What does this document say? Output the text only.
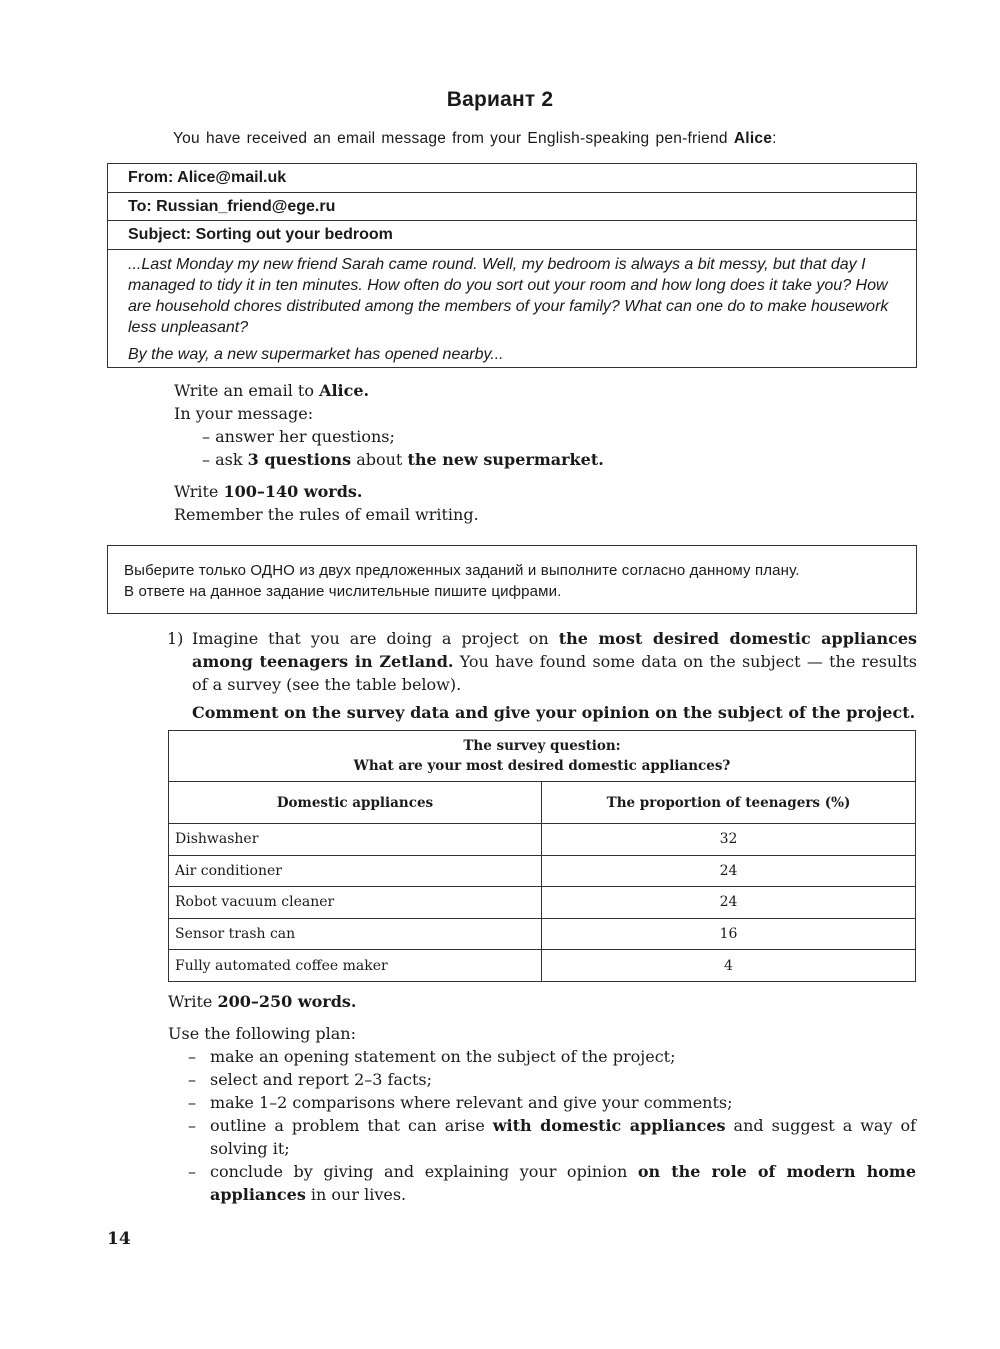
Вариант 2
You have received an email message from your English-speaking pen-friend Alice:
From: Alice@mail.uk
To: Russian_friend@ege.ru
Subject: Sorting out your bedroom

...Last Monday my new friend Sarah came round. Well, my bedroom is always a bit messy, but that day I managed to tidy it in ten minutes. How often do you sort out your room and how long does it take you? How are household chores distributed among the members of your family? What can one do to make housework less unpleasant?

By the way, a new supermarket has opened nearby...

Write an email to Alice.
In your message:
– answer her questions;
– ask 3 questions about the new supermarket.
Write 100–140 words.
Remember the rules of email writing.
Выберите только ОДНО из двух предложенных заданий и выполните согласно данному плану.
В ответе на данное задание числительные пишите цифрами.
1) Imagine that you are doing a project on the most desired domestic appliances among teenagers in Zetland. You have found some data on the subject — the results of a survey (see the table below).
Comment on the survey data and give your opinion on the subject of the project.
The survey question:
What are your most desired domestic appliances?	

Domestic appliances	The proportion of teenagers (%)
Dishwasher	32
Air conditioner	24
Robot vacuum cleaner	24
Sensor trash can	16
Fully automated coffee maker	4
Write 200–250 words.
Use the following plan:
– make an opening statement on the subject of the project;
– select and report 2–3 facts;
– make 1–2 comparisons where relevant and give your comments;
– outline a problem that can arise with domestic appliances and suggest a way of solving it;
– conclude by giving and explaining your opinion on the role of modern home appliances in our lives.
14
